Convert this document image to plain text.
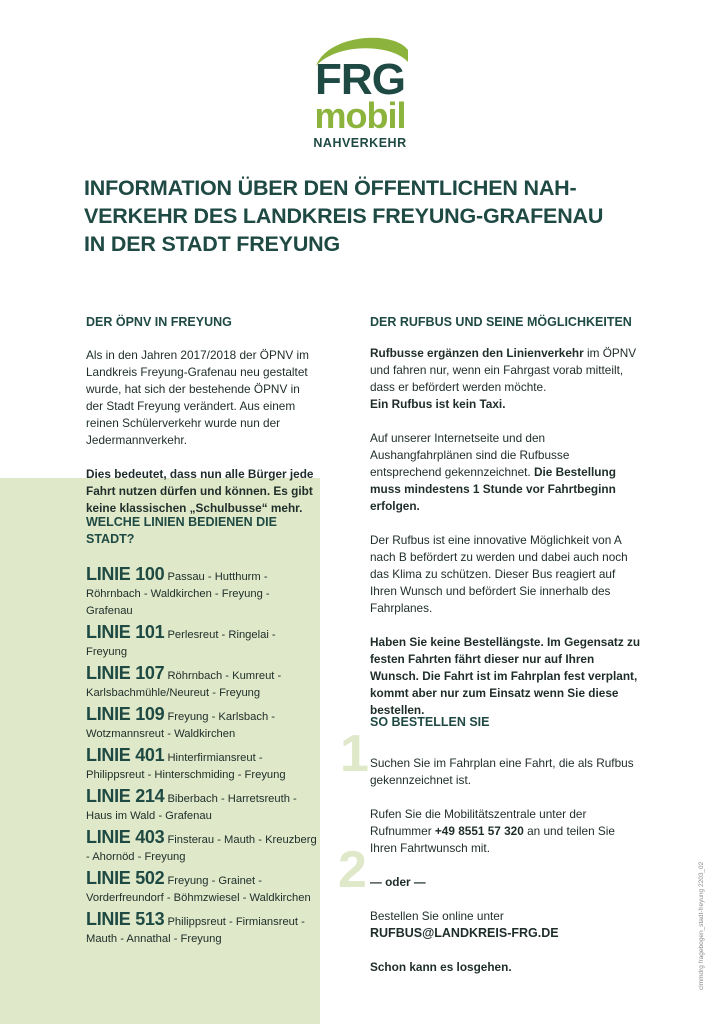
FRG
mobil
NAHVERKEHR
INFORMATION ÜBER DEN ÖFFENTLICHEN NAH-
VERKEHR DES LANDKREIS FREYUNG-GRAFENAU
IN DER STADT FREYUNG

DER ÖPNV IN FREYUNG

Als in den Jahren 2017/2018 der ÖPNV im Landkreis Freyung-Grafenau neu gestaltet wurde, hat sich der bestehende ÖPNV in der Stadt Freyung verändert. Aus einem reinen Schülerverkehr wurde nun der Jedermannverkehr.

Dies bedeutet, dass nun alle Bürger jede Fahrt nutzen dürfen und können. Es gibt keine klassischen „Schulbusse“ mehr.

WELCHE LINIEN BEDIENEN DIE STADT?

LINIE 100 Passau - Hutthurm - Röhrnbach - Waldkirchen - Freyung - Grafenau

LINIE 101 Perlesreut - Ringelai - Freyung

LINIE 107 Röhrnbach - Kumreut - Karlsbachmühle/Neureut - Freyung

LINIE 109 Freyung - Karlsbach - Wotzmannsreut - Waldkirchen

LINIE 401 Hinterfirmiansreut - Philippsreut - Hinterschmiding - Freyung

LINIE 214 Biberbach - Harretsreuth - Haus im Wald - Grafenau

LINIE 403 Finsterau - Mauth - Kreuzberg - Ahornöd - Freyung

LINIE 502 Freyung - Grainet - Vorderfreundorf - Böhmzwiesel - Waldkirchen

LINIE 513 Philippsreut - Firmiansreut - Mauth - Annathal - Freyung

DER RUFBUS UND SEINE MÖGLICHKEITEN

Rufbusse ergänzen den Linienverkehr im ÖPNV und fahren nur, wenn ein Fahrgast vorab mitteilt, dass er befördert werden möchte.
Ein Rufbus ist kein Taxi.

Auf unserer Internetseite und den Aushangfahrplänen sind die Rufbusse entsprechend gekennzeichnet. Die Bestellung muss mindestens 1 Stunde vor Fahrtbeginn erfolgen.

Der Rufbus ist eine innovative Möglichkeit von A nach B befördert zu werden und dabei auch noch das Klima zu schützen. Dieser Bus reagiert auf Ihren Wunsch und befördert Sie innerhalb des Fahrplanes.

Haben Sie keine Bestellängste. Im Gegensatz zu festen Fahrten fährt dieser nur auf Ihren Wunsch. Die Fahrt ist im Fahrplan fest verplant, kommt aber nur zum Einsatz wenn Sie diese bestellen.

SO BESTELLEN SIE

Suchen Sie im Fahrplan eine Fahrt, die als Rufbus gekennzeichnet ist.

Rufen Sie die Mobilitätszentrale unter der Rufnummer +49 8551 57 320 an und teilen Sie Ihren Fahrtwunsch mit.

— oder —

Bestellen Sie online unter

RUFBUS@LANDKREIS-FRG.DE

Schon kann es losgehen.

1
2	clmmdrg fragebogen_stadt-freyung 2203_02
